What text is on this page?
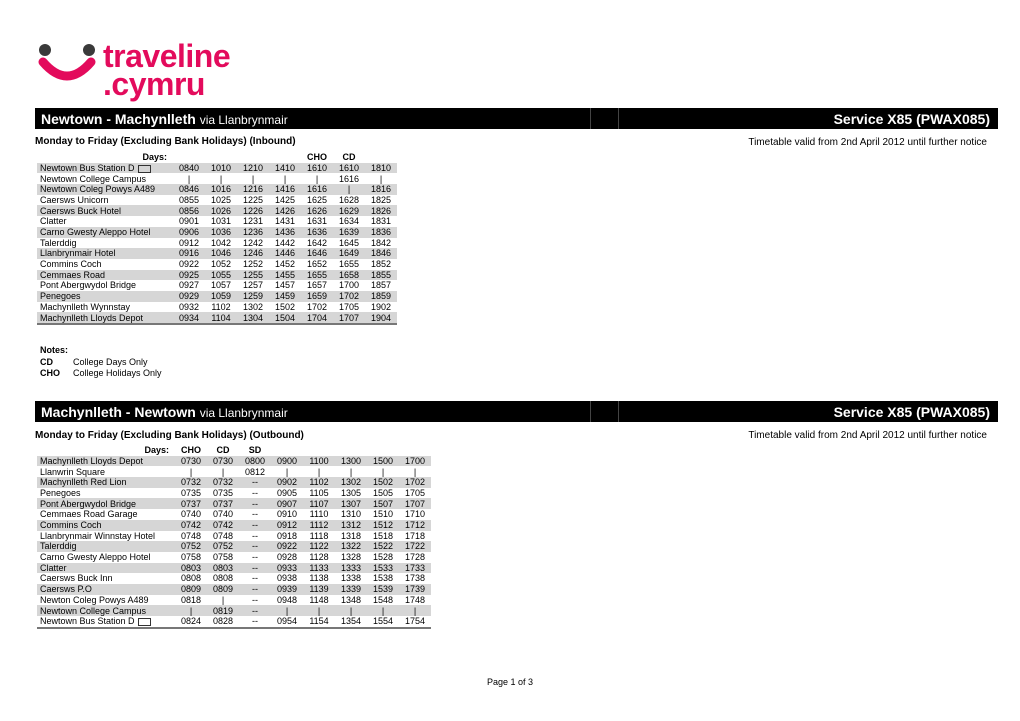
traveline
.cymru
Newtown - Machynlleth via Llanbrynmair	Service X85 (PWAX085)
Monday to Friday (Excluding Bank Holidays) (Inbound)	Timetable valid from 2nd April 2012 until further notice
Days:					CHO	CD	
Newtown Bus Station D	0840	1010	1210	1410	1610	1610	1810
Newtown College Campus	|	|	|	|	|	1616	|
Newtown Coleg Powys A489	0846	1016	1216	1416	1616	|	1816
Caersws Unicorn	0855	1025	1225	1425	1625	1628	1825
Caersws Buck Hotel	0856	1026	1226	1426	1626	1629	1826
Clatter	0901	1031	1231	1431	1631	1634	1831
Carno Gwesty Aleppo Hotel	0906	1036	1236	1436	1636	1639	1836
Talerddig	0912	1042	1242	1442	1642	1645	1842
Llanbrynmair Hotel	0916	1046	1246	1446	1646	1649	1846
Commins Coch	0922	1052	1252	1452	1652	1655	1852
Cemmaes Road	0925	1055	1255	1455	1655	1658	1855
Pont Abergwydol Bridge	0927	1057	1257	1457	1657	1700	1857
Penegoes	0929	1059	1259	1459	1659	1702	1859
Machynlleth Wynnstay	0932	1102	1302	1502	1702	1705	1902
Machynlleth Lloyds Depot	0934	1104	1304	1504	1704	1707	1904
Notes:
CD College Days Only
CHO College Holidays Only
Machynlleth - Newtown via Llanbrynmair	Service X85 (PWAX085)
Monday to Friday (Excluding Bank Holidays) (Outbound)	Timetable valid from 2nd April 2012 until further notice
Days:	CHO	CD	SD					
Machynlleth Lloyds Depot	0730	0730	0800	0900	1100	1300	1500	1700
Llanwrin Square	|	|	0812	|	|	|	|	|
Machynlleth Red Lion	0732	0732	--	0902	1102	1302	1502	1702
Penegoes	0735	0735	--	0905	1105	1305	1505	1705
Pont Abergwydol Bridge	0737	0737	--	0907	1107	1307	1507	1707
Cemmaes Road Garage	0740	0740	--	0910	1110	1310	1510	1710
Commins Coch	0742	0742	--	0912	1112	1312	1512	1712
Llanbrynmair Winnstay Hotel	0748	0748	--	0918	1118	1318	1518	1718
Talerddig	0752	0752	--	0922	1122	1322	1522	1722
Carno Gwesty Aleppo Hotel	0758	0758	--	0928	1128	1328	1528	1728
Clatter	0803	0803	--	0933	1133	1333	1533	1733
Caersws Buck Inn	0808	0808	--	0938	1138	1338	1538	1738
Caersws P.O	0809	0809	--	0939	1139	1339	1539	1739
Newton Coleg Powys A489	0818	|	--	0948	1148	1348	1548	1748
Newtown College Campus	|	0819	--	|	|	|	|	|
Newtown Bus Station D	0824	0828	--	0954	1154	1354	1554	1754
Page 1 of 3
